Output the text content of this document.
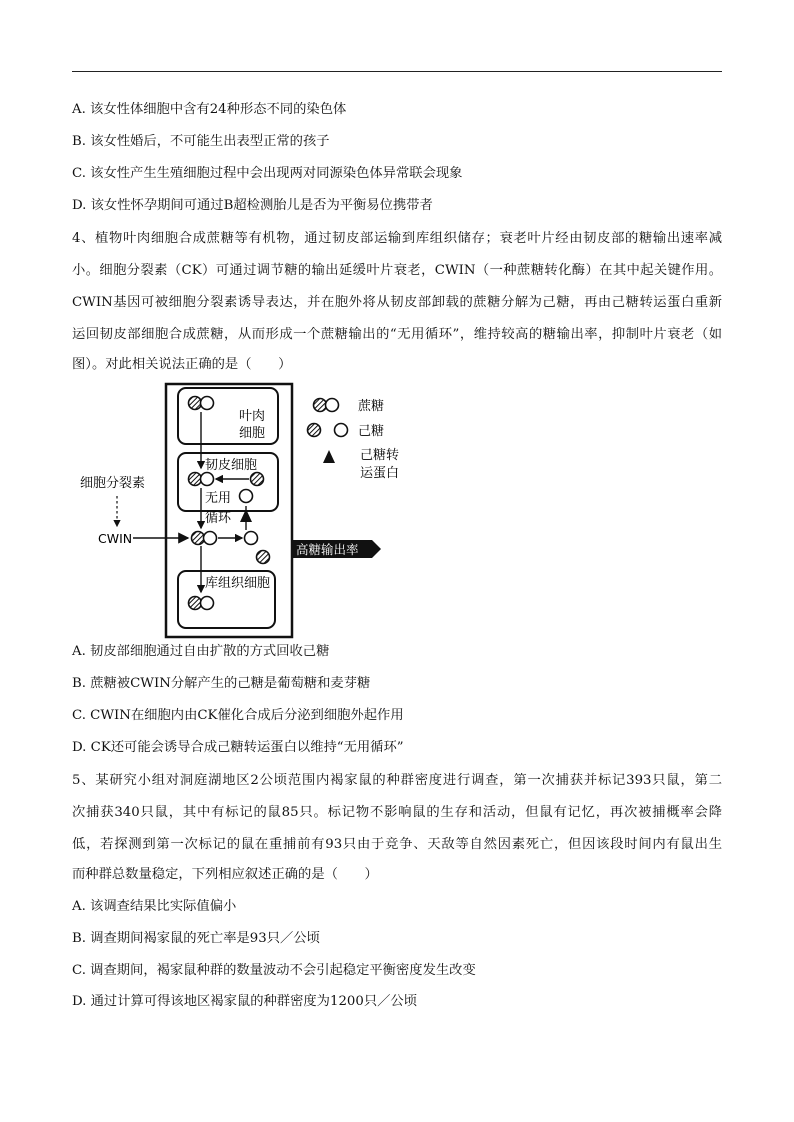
A. 该女性体细胞中含有24种形态不同的染色体
B. 该女性婚后，不可能生出表型正常的孩子
C. 该女性产生生殖细胞过程中会出现两对同源染色体异常联会现象
D. 该女性怀孕期间可通过B超检测胎儿是否为平衡易位携带者
4、植物叶肉细胞合成蔗糖等有机物，通过韧皮部运输到库组织储存；衰老叶片经由韧皮部的糖输出速率减
小。细胞分裂素（CK）可通过调节糖的输出延缓叶片衰老，CWIN（一种蔗糖转化酶）在其中起关键作用。
CWIN基因可被细胞分裂素诱导表达，并在胞外将从韧皮部卸载的蔗糖分解为己糖，再由己糖转运蛋白重新
运回韧皮部细胞合成蔗糖，从而形成一个蔗糖输出的“无用循环”，维持较高的糖输出率，抑制叶片衰老（如
图）。对此相关说法正确的是（　　）
叶肉
细胞
韧皮细胞
无用
循环
库组织细胞
细胞分裂素
CWIN
高糖输出率
蔗糖
己糖
己糖转
运蛋白
A. 韧皮部细胞通过自由扩散的方式回收己糖
B. 蔗糖被CWIN分解产生的己糖是葡萄糖和麦芽糖
C. CWIN在细胞内由CK催化合成后分泌到细胞外起作用
D. CK还可能会诱导合成己糖转运蛋白以维持“无用循环”
5、某研究小组对洞庭湖地区2公顷范围内褐家鼠的种群密度进行调查，第一次捕获并标记393只鼠，第二
次捕获340只鼠，其中有标记的鼠85只。标记物不影响鼠的生存和活动，但鼠有记忆，再次被捕概率会降
低，若探测到第一次标记的鼠在重捕前有93只由于竞争、天敌等自然因素死亡，但因该段时间内有鼠出生
而种群总数量稳定，下列相应叙述正确的是（　　）
A. 该调查结果比实际值偏小
B. 调查期间褐家鼠的死亡率是93只／公顷
C. 调查期间，褐家鼠种群的数量波动不会引起稳定平衡密度发生改变
D. 通过计算可得该地区褐家鼠的种群密度为1200只／公顷
